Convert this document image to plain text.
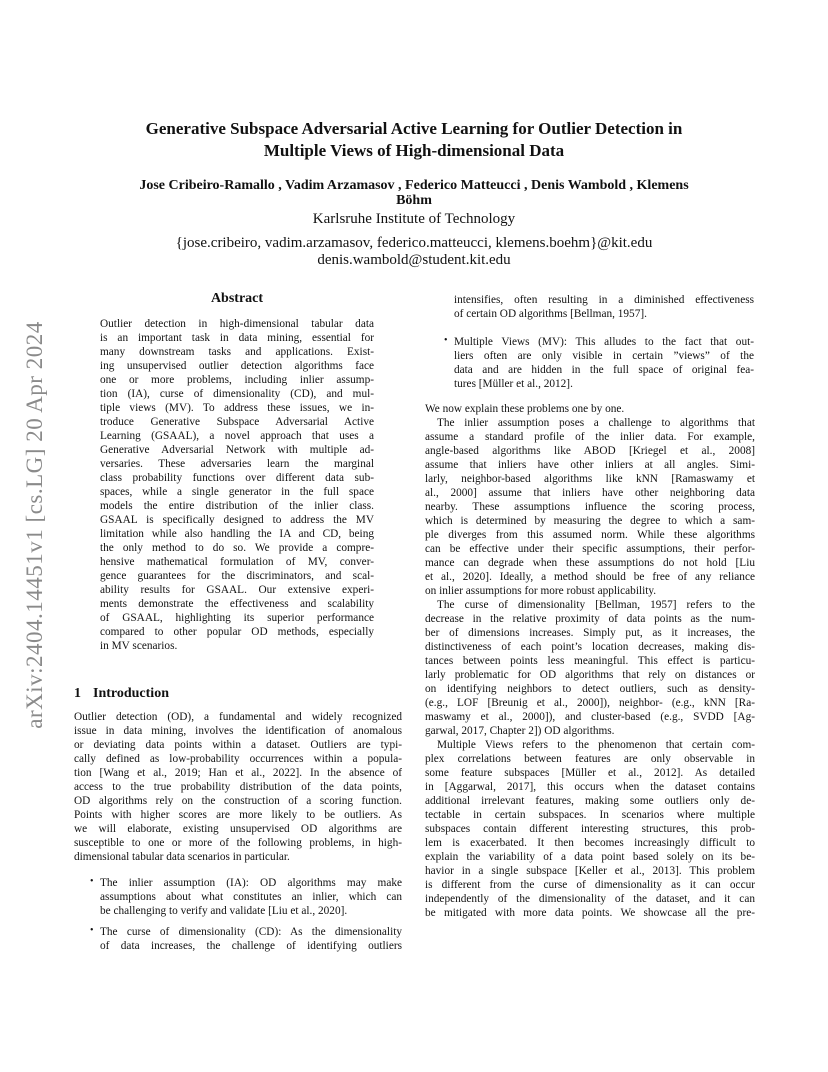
arXiv:2404.14451v1 [cs.LG] 20 Apr 2024
Generative Subspace Adversarial Active Learning for Outlier Detection in
Multiple Views of High-dimensional Data
Jose Cribeiro-Ramallo , Vadim Arzamasov , Federico Matteucci , Denis Wambold , Klemens
Böhm
Karlsruhe Institute of Technology
{jose.cribeiro, vadim.arzamasov, federico.matteucci, klemens.boehm}@kit.edu
denis.wambold@student.kit.edu
Abstract

Outlier detection in high-dimensional tabular data

is an important task in data mining, essential for

many downstream tasks and applications. Exist-

ing unsupervised outlier detection algorithms face

one or more problems, including inlier assump-

tion (IA), curse of dimensionality (CD), and mul-

tiple views (MV). To address these issues, we in-

troduce Generative Subspace Adversarial Active

Learning (GSAAL), a novel approach that uses a

Generative Adversarial Network with multiple ad-

versaries. These adversaries learn the marginal

class probability functions over different data sub-

spaces, while a single generator in the full space

models the entire distribution of the inlier class.

GSAAL is specifically designed to address the MV

limitation while also handling the IA and CD, being

the only method to do so. We provide a compre-

hensive mathematical formulation of MV, conver-

gence guarantees for the discriminators, and scal-

ability results for GSAAL. Our extensive experi-

ments demonstrate the effectiveness and scalability

of GSAAL, highlighting its superior performance

compared to other popular OD methods, especially

in MV scenarios.

1 Introduction

Outlier detection (OD), a fundamental and widely recognized

issue in data mining, involves the identification of anomalous

or deviating data points within a dataset. Outliers are typi-

cally defined as low-probability occurrences within a popula-

tion [Wang et al., 2019; Han et al., 2022]. In the absence of

access to the true probability distribution of the data points,

OD algorithms rely on the construction of a scoring function.

Points with higher scores are more likely to be outliers. As

we will elaborate, existing unsupervised OD algorithms are

susceptible to one or more of the following problems, in high-

dimensional tabular data scenarios in particular.

• The inlier assumption (IA): OD algorithms may make

assumptions about what constitutes an inlier, which can

be challenging to verify and validate [Liu et al., 2020].

• The curse of dimensionality (CD): As the dimensionality

of data increases, the challenge of identifying outliers

intensifies, often resulting in a diminished effectiveness

of certain OD algorithms [Bellman, 1957].

• Multiple Views (MV): This alludes to the fact that out-

liers often are only visible in certain ”views” of the

data and are hidden in the full space of original fea-

tures [Müller et al., 2012].

We now explain these problems one by one.

The inlier assumption poses a challenge to algorithms that

assume a standard profile of the inlier data. For example,

angle-based algorithms like ABOD [Kriegel et al., 2008]

assume that inliers have other inliers at all angles. Simi-

larly, neighbor-based algorithms like kNN [Ramaswamy et

al., 2000] assume that inliers have other neighboring data

nearby. These assumptions influence the scoring process,

which is determined by measuring the degree to which a sam-

ple diverges from this assumed norm. While these algorithms

can be effective under their specific assumptions, their perfor-

mance can degrade when these assumptions do not hold [Liu

et al., 2020]. Ideally, a method should be free of any reliance

on inlier assumptions for more robust applicability.

The curse of dimensionality [Bellman, 1957] refers to the

decrease in the relative proximity of data points as the num-

ber of dimensions increases. Simply put, as it increases, the

distinctiveness of each point’s location decreases, making dis-

tances between points less meaningful. This effect is particu-

larly problematic for OD algorithms that rely on distances or

on identifying neighbors to detect outliers, such as density-

(e.g., LOF [Breunig et al., 2000]), neighbor- (e.g., kNN [Ra-

maswamy et al., 2000]), and cluster-based (e.g., SVDD [Ag-

garwal, 2017, Chapter 2]) OD algorithms.

Multiple Views refers to the phenomenon that certain com-

plex correlations between features are only observable in

some feature subspaces [Müller et al., 2012]. As detailed

in [Aggarwal, 2017], this occurs when the dataset contains

additional irrelevant features, making some outliers only de-

tectable in certain subspaces. In scenarios where multiple

subspaces contain different interesting structures, this prob-

lem is exacerbated. It then becomes increasingly difficult to

explain the variability of a data point based solely on its be-

havior in a single subspace [Keller et al., 2013]. This problem

is different from the curse of dimensionality as it can occur

independently of the dimensionality of the dataset, and it can

be mitigated with more data points. We showcase all the pre-
